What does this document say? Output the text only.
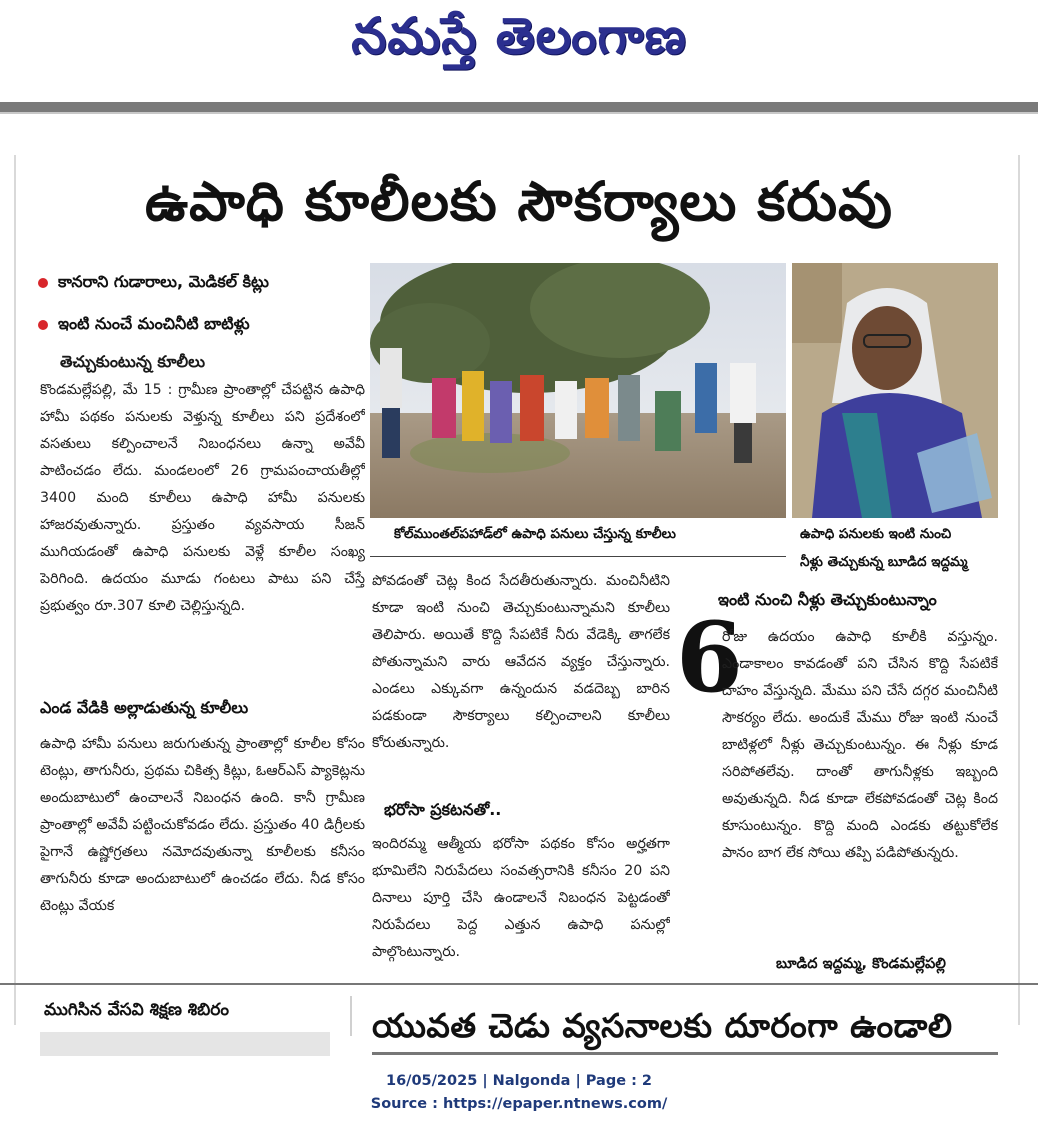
నమస్తే తెలంగాణ
ఉపాధి కూలీలకు సౌకర్యాలు కరువు
కానరాని గుడారాలు, మెడికల్ కిట్లు
ఇంటి నుంచే మంచినీటి బాటిళ్లు
తెచ్చుకుంటున్న కూలీలు

కొండమల్లేపల్లి, మే 15 : గ్రామీణ ప్రాంతాల్లో చేపట్టిన ఉపాధి హామీ పథకం పనులకు వెళ్తున్న కూలీలు పని ప్రదేశంలో వసతులు కల్పించాలనే నిబంధనలు ఉన్నా అవేవీ పాటించడం లేదు. మండలంలో 26 గ్రామపంచాయతీల్లో 3400 మంది కూలీలు ఉపాధి హామీ పనులకు హాజరవుతున్నారు. ప్రస్తుతం వ్యవసాయ సీజన్ ముగియడంతో ఉపాధి పనులకు వెళ్లే కూలీల సంఖ్య పెరిగింది. ఉదయం మూడు గంటలు పాటు పని చేస్తే ప్రభుత్వం రూ.307 కూలి చెల్లిస్తున్నది.

ఎండ వేడికి అల్లాడుతున్న కూలీలు

ఉపాధి హామీ పనులు జరుగుతున్న ప్రాంతాల్లో కూలీల కోసం టెంట్లు, తాగునీరు, ప్రథమ చికిత్స కిట్లు, ఓఆర్ఎస్ ప్యాకెట్లను అందుబాటులో ఉంచాలనే నిబంధన ఉంది. కానీ గ్రామీణ ప్రాంతాల్లో అవేవీ పట్టించుకోవడం లేదు. ప్రస్తుతం 40 డిగ్రీలకు పైగానే ఉష్ణోగ్రతలు నమోదవుతున్నా కూలీలకు కనీసం తాగునీరు కూడా అందుబాటులో ఉంచడం లేదు. నీడ కోసం టెంట్లు వేయక

కోల్‌ముంతల్‌పహాడ్‌లో ఉపాధి పనులు చేస్తున్న కూలీలు	ఉపాధి పనులకు ఇంటి నుంచి
నీళ్లు తెచ్చుకున్న బూడిద ఇద్దమ్మ

పోవడంతో చెట్ల కింద సేదతీరుతున్నారు. మంచినీటిని కూడా ఇంటి నుంచి తెచ్చుకుంటున్నామని కూలీలు తెలిపారు. అయితే కొద్ది సేపటికే నీరు వేడెక్కి తాగలేక పోతున్నామని వారు ఆవేదన వ్యక్తం చేస్తున్నారు. ఎండలు ఎక్కువగా ఉన్నందున వడదెబ్బ బారిన పడకుండా సౌకర్యాలు కల్పించాలని కూలీలు కోరుతున్నారు.

భరోసా ప్రకటనతో..

ఇందిరమ్మ ఆత్మీయ భరోసా పథకం కోసం అర్హతగా భూమిలేని నిరుపేదలు సంవత్సరానికి కనీసం 20 పని దినాలు పూర్తి చేసి ఉండాలనే నిబంధన పెట్టడంతో నిరుపేదలు పెద్ద ఎత్తున ఉపాధి పనుల్లో పాల్గొంటున్నారు.

ఇంటి నుంచి నీళ్లు తెచ్చుకుంటున్నాం
6

రోజు ఉదయం ఉపాధి కూలీకి వస్తున్నం. ఎండాకాలం కావడంతో పని చేసిన కొద్ది సేపటికే దాహం వేస్తున్నది. మేము పని చేసే దగ్గర మంచినీటి సౌకర్యం లేదు. అందుకే మేము రోజు ఇంటి నుంచే బాటిళ్లలో నీళ్లు తెచ్చుకుంటున్నం. ఈ నీళ్లు కూడ సరిపోతలేవు. దాంతో తాగునీళ్లకు ఇబ్బంది అవుతున్నది. నీడ కూడా లేకపోవడంతో చెట్ల కింద కూసుంటున్నం. కొద్ది మంది ఎండకు తట్టుకోలేక పానం బాగ లేక సోయి తప్పి పడిపోతున్నరు.

బూడిద ఇద్దమ్మ, కొండమల్లేపల్లి
ముగిసిన వేసవి శిక్షణ శిబిరం	యువత చెడు వ్యసనాలకు దూరంగా ఉండాలి
16/05/2025 | Nalgonda | Page : 2
Source : https://epaper.ntnews.com/
